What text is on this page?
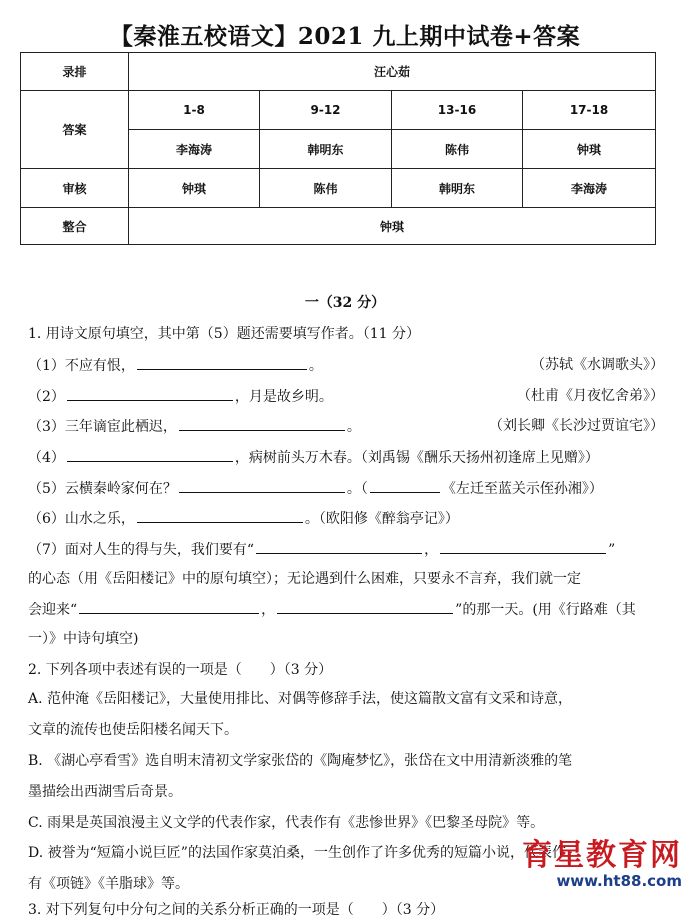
【秦淮五校语文】2021 九上期中试卷+答案
录排	汪心茹			
答案	1-8	9-12	13-16	17-18
	李海涛	韩明东	陈伟	钟琪
审核	钟琪	陈伟	韩明东	李海涛
整合	钟琪			
一（32 分）
1. 用诗文原句填空，其中第（5）题还需要填写作者。（11 分）
（1）不应有恨，	。	（苏轼《水调歌头》）
（2）	，月是故乡明。	（杜甫《月夜忆舍弟》）
（3）三年谪宦此栖迟，	。	（刘长卿《长沙过贾谊宅》）
（4）	，病树前头万木春。（刘禹锡《酬乐天扬州初逢席上见赠》）
（5）云横秦岭家何在？	。（	《左迁至蓝关示侄孙湘》）
（6）山水之乐，	。（欧阳修《醉翁亭记》）
（7）面对人生的得与失，我们要有“	，	”
的心态（用《岳阳楼记》中的原句填空）；无论遇到什么困难，只要永不言弃，我们就一定
会迎来“	，	”的那一天。(用《行路难（其
一）》中诗句填空)
2. 下列各项中表述有误的一项是（　　）（3 分）
A. 范仲淹《岳阳楼记》，大量使用排比、对偶等修辞手法，使这篇散文富有文采和诗意，
文章的流传也使岳阳楼名闻天下。
B. 《湖心亭看雪》选自明末清初文学家张岱的《陶庵梦忆》，张岱在文中用清新淡雅的笔
墨描绘出西湖雪后奇景。
C. 雨果是英国浪漫主义文学的代表作家，代表作有《悲惨世界》《巴黎圣母院》等。
D. 被誉为“短篇小说巨匠”的法国作家莫泊桑，一生创作了许多优秀的短篇小说，代表作
有《项链》《羊脂球》等。
3. 对下列复句中分句之间的关系分析正确的一项是（　　）（3 分）
育星教育网
www.ht88.com
